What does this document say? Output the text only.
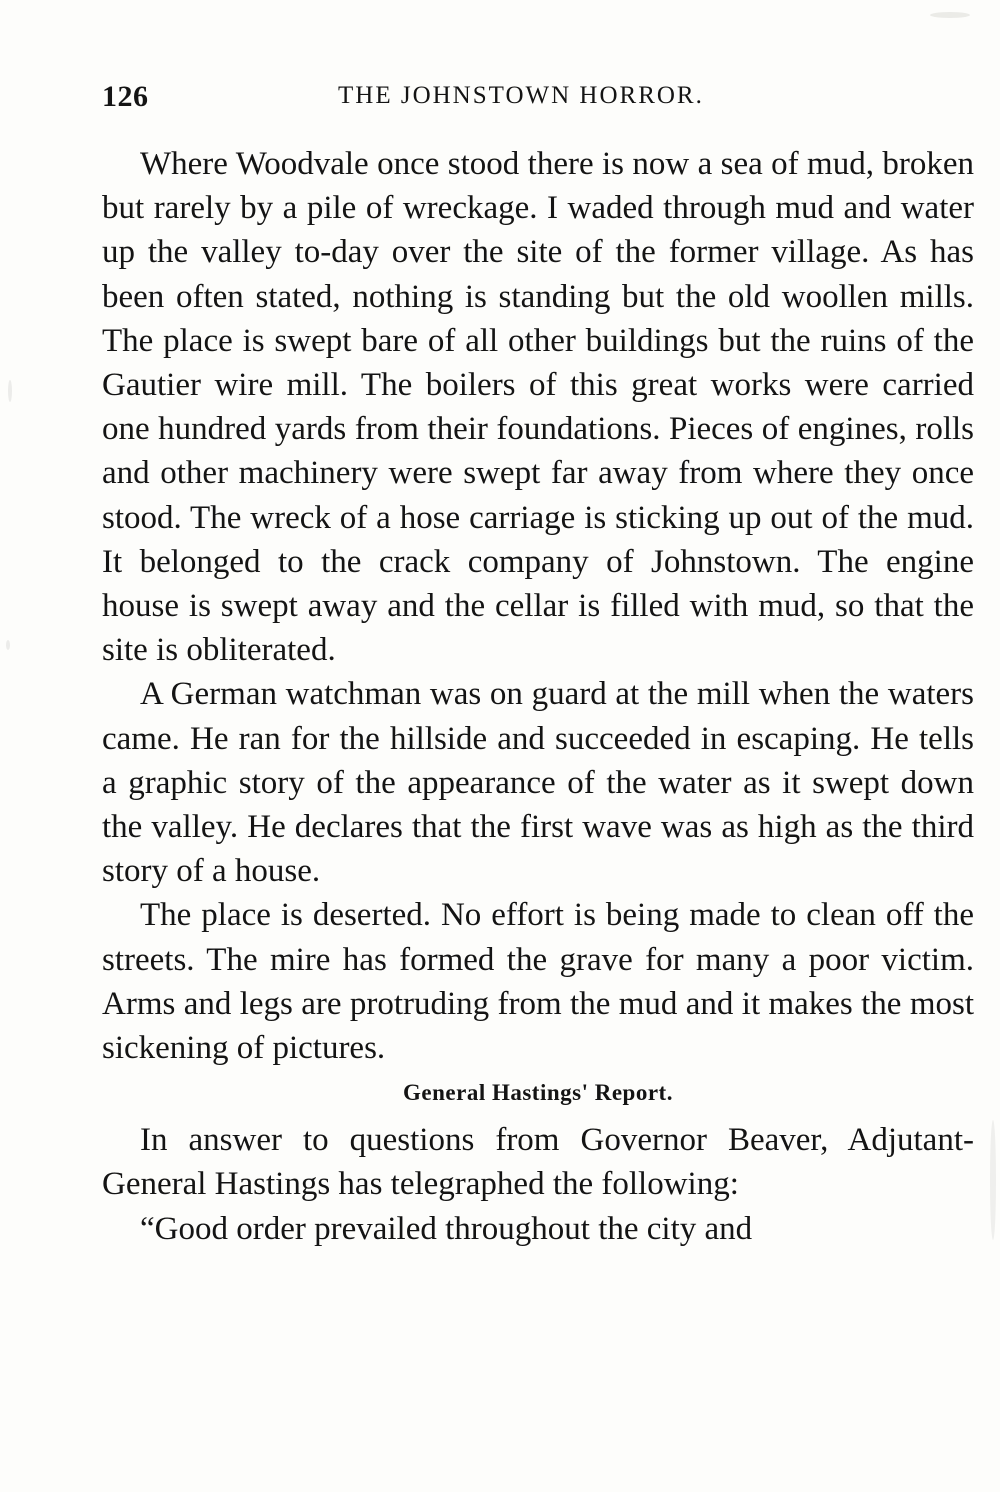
126	THE JOHNSTOWN HORROR.

Where Woodvale once stood there is now a sea of mud, broken but rarely by a pile of wreckage. I waded through mud and water up the valley to-day over the site of the former village. As has been often stated, nothing is standing but the old woollen mills. The place is swept bare of all other buildings but the ruins of the Gautier wire mill. The boilers of this great works were carried one hundred yards from their foundations. Pieces of engines, rolls and other machinery were swept far away from where they once stood. The wreck of a hose carriage is sticking up out of the mud. It belonged to the crack company of Johnstown. The engine house is swept away and the cellar is filled with mud, so that the site is obliterated.

A German watchman was on guard at the mill when the waters came. He ran for the hillside and succeeded in escaping. He tells a graphic story of the appearance of the water as it swept down the valley. He declares that the first wave was as high as the third story of a house.

The place is deserted. No effort is being made to clean off the streets. The mire has formed the grave for many a poor victim. Arms and legs are protruding from the mud and it makes the most sickening of pictures.

General Hastings' Report.

In answer to questions from Governor Beaver, Adjutant-General Hastings has telegraphed the following:

“Good order prevailed throughout the city and
